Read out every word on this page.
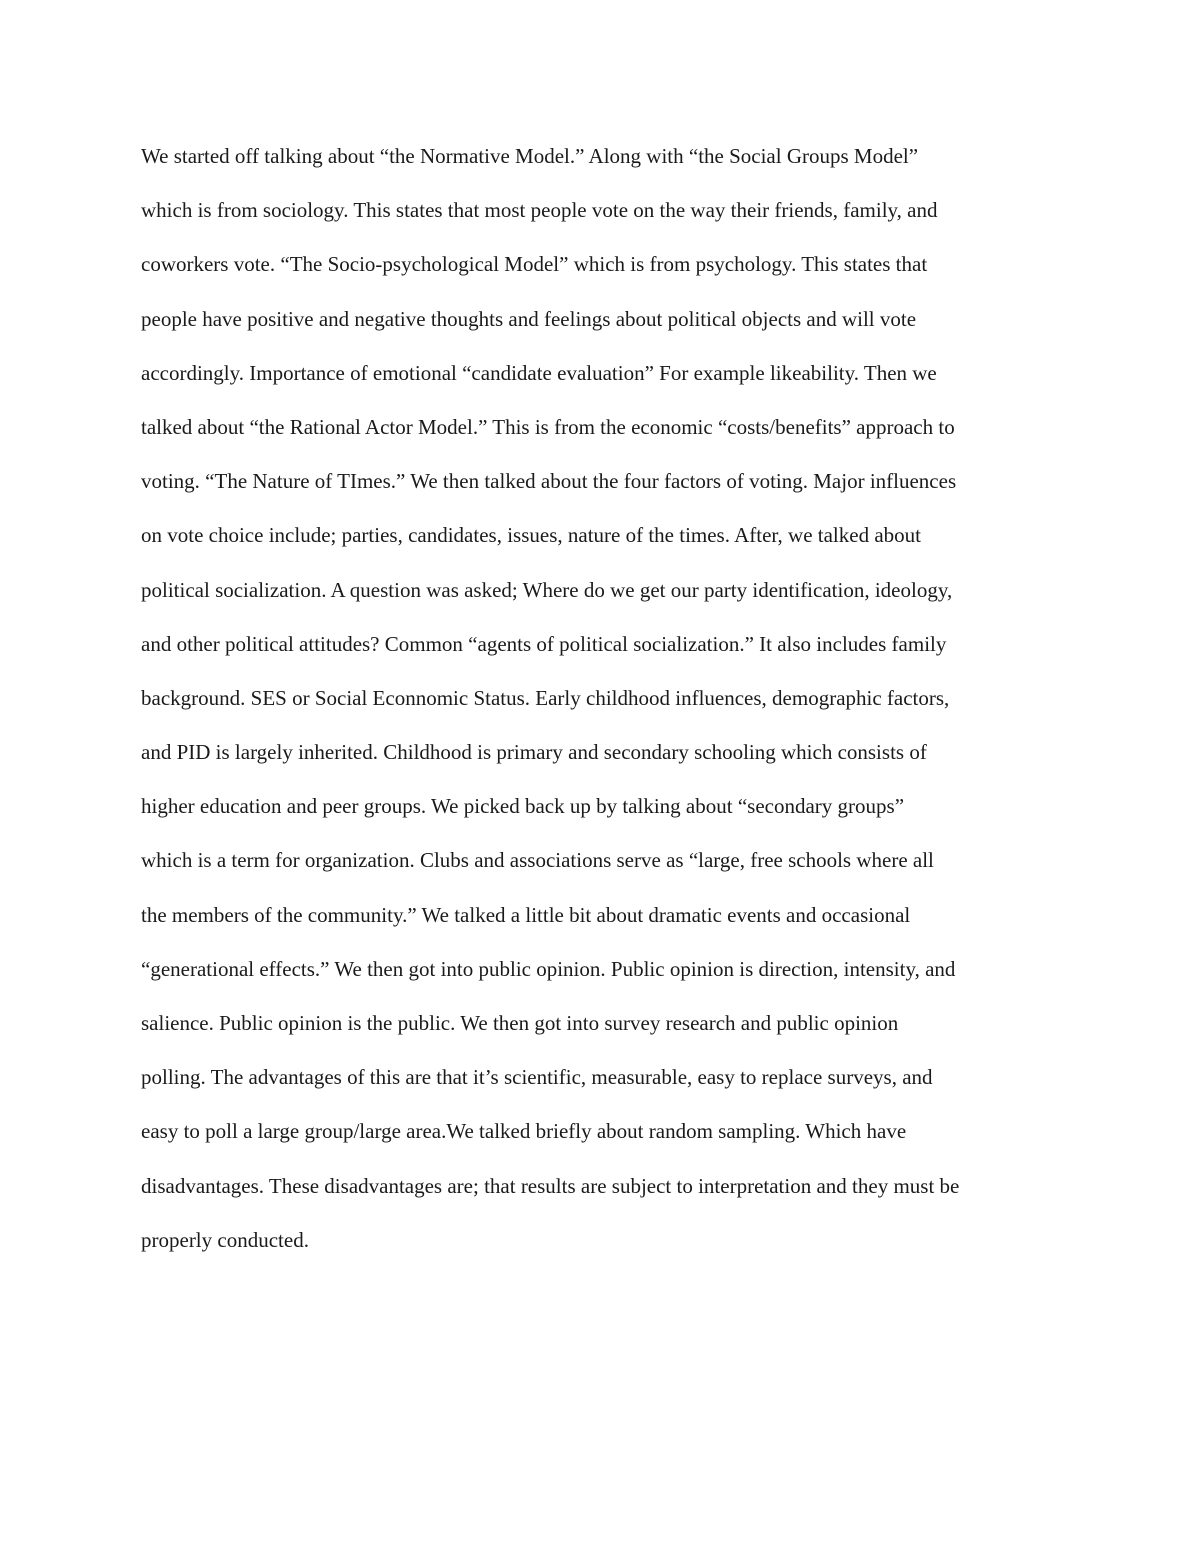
We started off talking about “the Normative Model.” Along with “the Social Groups Model”
which is from sociology. This states that most people vote on the way their friends, family, and
coworkers vote. “The Socio-psychological Model” which is from psychology. This states that
people have positive and negative thoughts and feelings about political objects and will vote
accordingly. Importance of emotional “candidate evaluation” For example likeability. Then we
talked about “the Rational Actor Model.” This is from the economic “costs/benefits” approach to
voting. “The Nature of TImes.” We then talked about the four factors of voting. Major influences
on vote choice include; parties, candidates, issues, nature of the times. After, we talked about
political socialization. A question was asked; Where do we get our party identification, ideology,
and other political attitudes? Common “agents of political socialization.” It also includes family
background. SES or Social Econnomic Status. Early childhood influences, demographic factors,
and PID is largely inherited. Childhood is primary and secondary schooling which consists of
higher education and peer groups. We picked back up by talking about “secondary groups”
which is a term for organization. Clubs and associations serve as “large, free schools where all
the members of the community.” We talked a little bit about dramatic events and occasional
“generational effects.” We then got into public opinion. Public opinion is direction, intensity, and
salience. Public opinion is the public. We then got into survey research and public opinion
polling. The advantages of this are that it’s scientific, measurable, easy to replace surveys, and
easy to poll a large group/large area.We talked briefly about random sampling. Which have
disadvantages. These disadvantages are; that results are subject to interpretation and they must be
properly conducted.
